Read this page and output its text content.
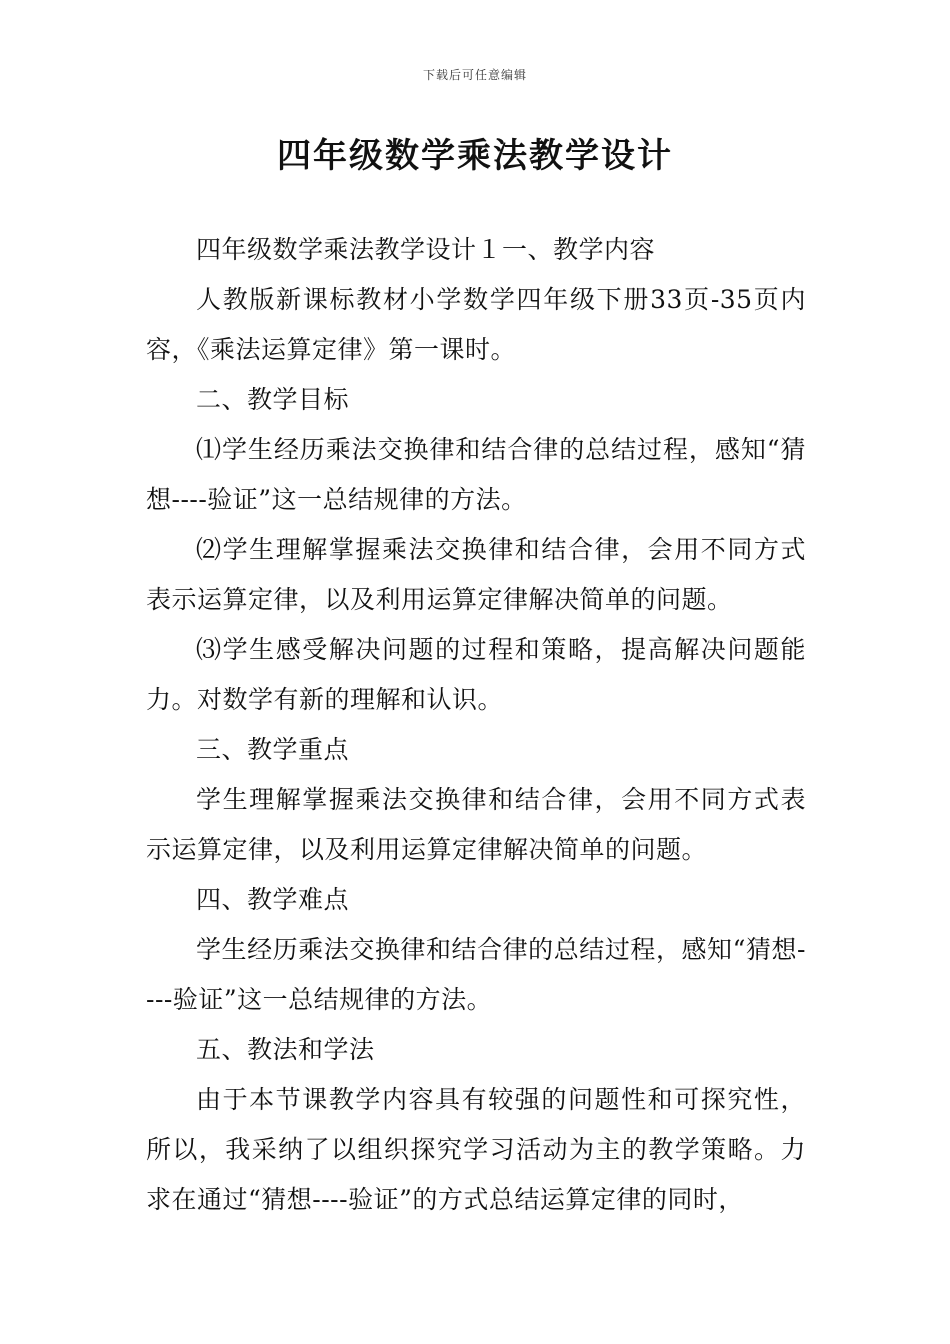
下载后可任意编辑
四年级数学乘法教学设计

四年级数学乘法教学设计１一、教学内容

人教版新课标教材小学数学四年级下册33页-35页内容，《乘法运算定律》第一课时。

二、教学目标

⑴学生经历乘法交换律和结合律的总结过程，感知“猜想----验证”这一总结规律的方法。

⑵学生理解掌握乘法交换律和结合律，会用不同方式表示运算定律，以及利用运算定律解决简单的问题。

⑶学生感受解决问题的过程和策略，提高解决问题能力。对数学有新的理解和认识。

三、教学重点

学生理解掌握乘法交换律和结合律，会用不同方式表示运算定律，以及利用运算定律解决简单的问题。

四、教学难点

学生经历乘法交换律和结合律的总结过程，感知“猜想----验证”这一总结规律的方法。

五、教法和学法

由于本节课教学内容具有较强的问题性和可探究性，所以，我采纳了以组织探究学习活动为主的教学策略。力求在通过“猜想----验证”的方式总结运算定律的同时，
